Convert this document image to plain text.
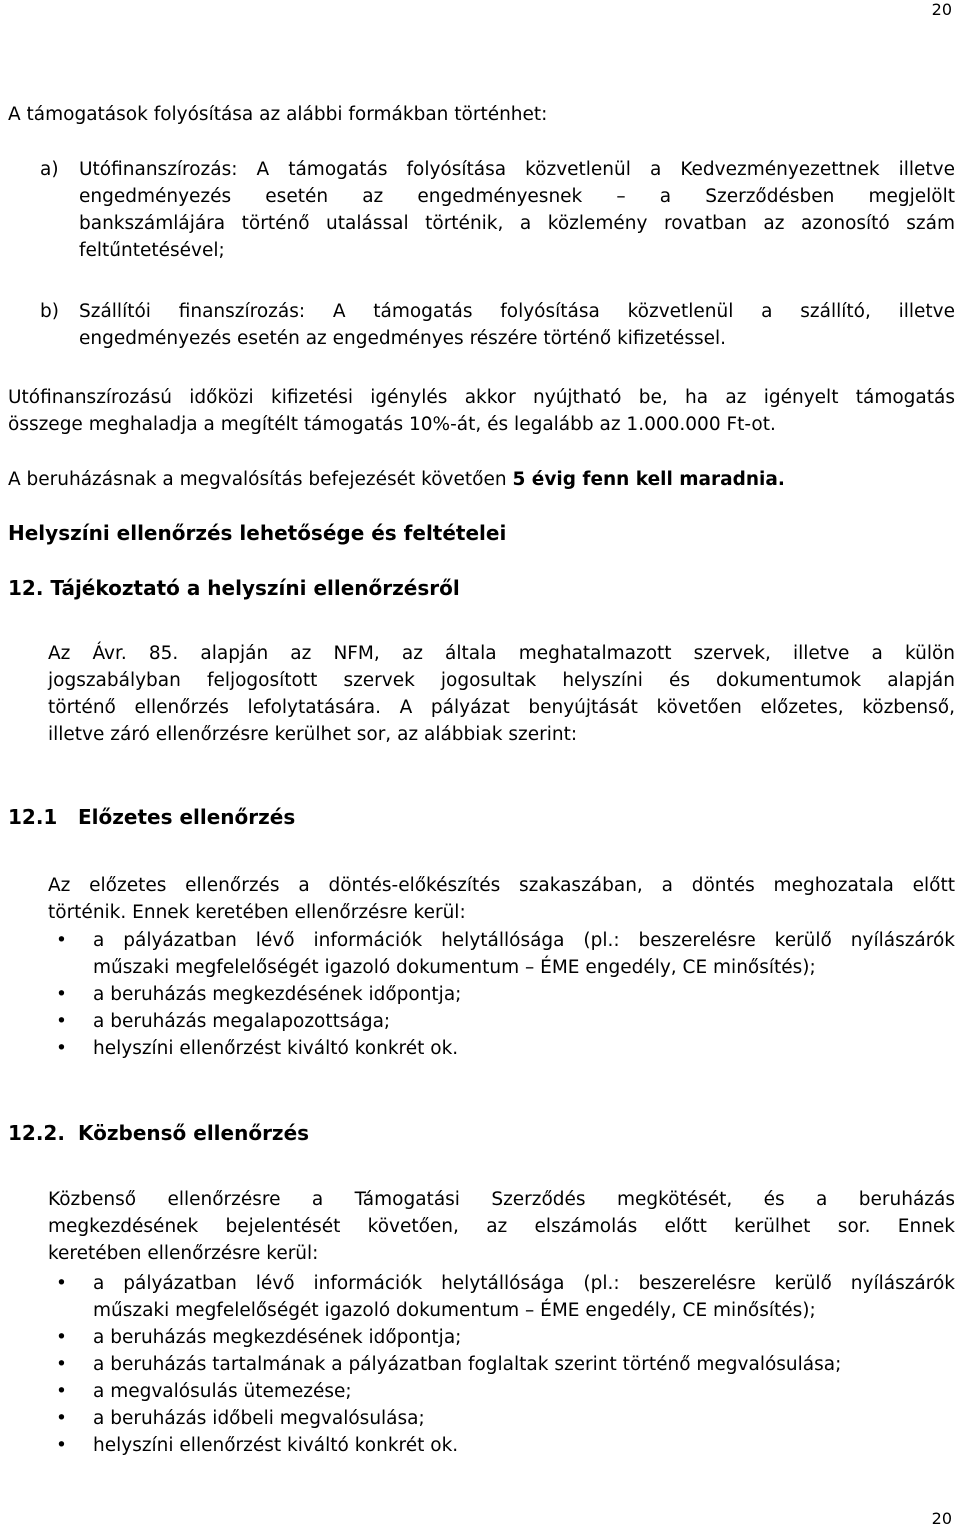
20

A támogatások folyósítása az alábbi formákban történhet:

a) Utófinanszírozás: A támogatás folyósítása közvetlenül a Kedvezményezettnek illetve
engedményezés esetén az engedményesnek – a Szerződésben megjelölt
bankszámlájára történő utalással történik, a közlemény rovatban az azonosító szám
feltűntetésével;
b) Szállítói finanszírozás: A támogatás folyósítása közvetlenül a szállító, illetve
engedményezés esetén az engedményes részére történő kifizetéssel.
Utófinanszírozású időközi kifizetési igénylés akkor nyújtható be, ha az igényelt támogatás
összege meghaladja a megítélt támogatás 10%-át, és legalább az 1.000.000 Ft-ot.

A beruházásnak a megvalósítás befejezését követően 5 évig fenn kell maradnia.

Helyszíni ellenőrzés lehetősége és feltételei

12. Tájékoztató a helyszíni ellenőrzésről

Az Ávr. 85. alapján az NFM, az általa meghatalmazott szervek, illetve a külön
jogszabályban feljogosított szervek jogosultak helyszíni és dokumentumok alapján
történő ellenőrzés lefolytatására. A pályázat benyújtását követően előzetes, közbenső,
illetve záró ellenőrzésre kerülhet sor, az alábbiak szerint:
12.1 Előzetes ellenőrzés
Az előzetes ellenőrzés a döntés-előkészítés szakaszában, a döntés meghozatala előtt
történik. Ennek keretében ellenőrzésre kerül:
• a pályázatban lévő információk helytállósága (pl.: beszerelésre kerülő nyílászárók
műszaki megfelelőségét igazoló dokumentum – ÉME engedély, CE minősítés);
• a beruházás megkezdésének időpontja;
• a beruházás megalapozottsága;
• helyszíni ellenőrzést kiváltó konkrét ok.
12.2. Közbenső ellenőrzés
Közbenső ellenőrzésre a Támogatási Szerződés megkötését, és a beruházás
megkezdésének bejelentését követően, az elszámolás előtt kerülhet sor. Ennek
keretében ellenőrzésre kerül:
• a pályázatban lévő információk helytállósága (pl.: beszerelésre kerülő nyílászárók
műszaki megfelelőségét igazoló dokumentum – ÉME engedély, CE minősítés);
• a beruházás megkezdésének időpontja;
• a beruházás tartalmának a pályázatban foglaltak szerint történő megvalósulása;
• a megvalósulás ütemezése;
• a beruházás időbeli megvalósulása;
• helyszíni ellenőrzést kiváltó konkrét ok.
20
